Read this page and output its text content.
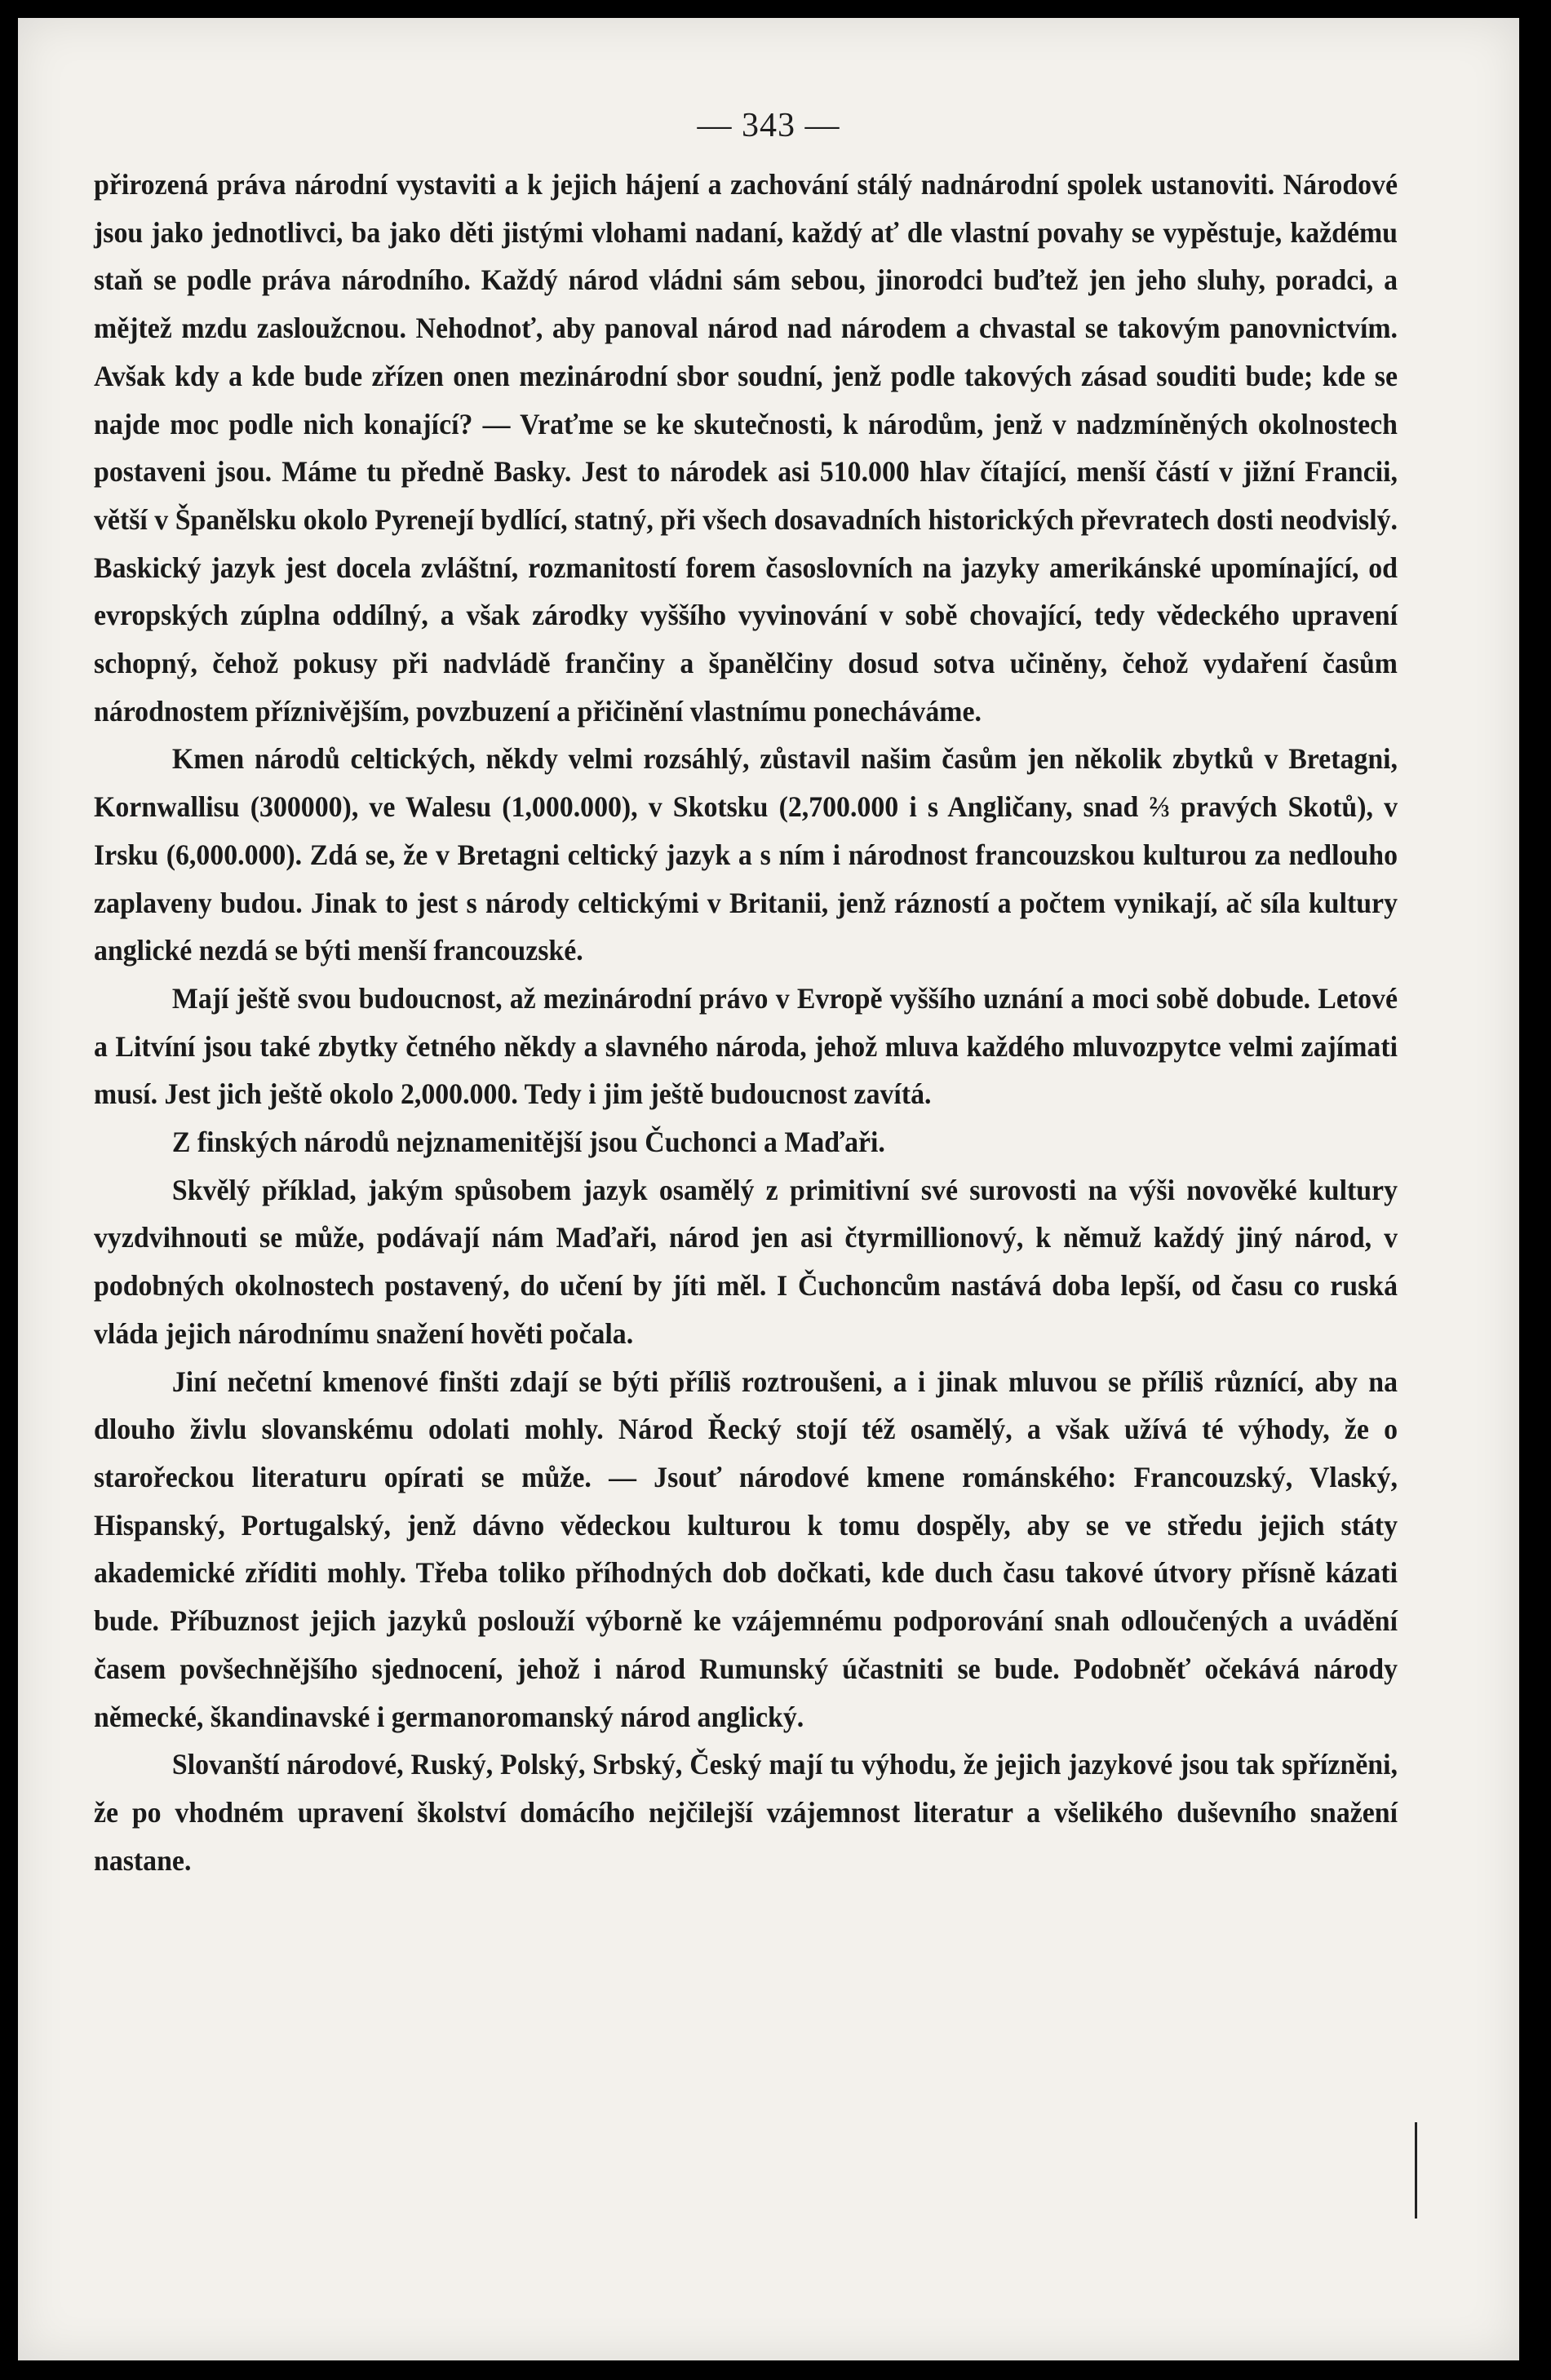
— 343 —

přirozená práva národní vystaviti a k jejich hájení a zachování stálý nadnárodní spolek ustanoviti. Národové jsou jako jednotlivci, ba jako děti jistými vlohami nadaní, každý ať dle vlastní povahy se vypěstuje, každému staň se podle práva národního. Každý národ vládni sám sebou, jinorodci buďtež jen jeho sluhy, poradci, a mějtež mzdu zasloužcnou. Nehodnoť, aby panoval národ nad národem a chvastal se takovým panovnictvím. Avšak kdy a kde bude zřízen onen mezinárodní sbor soudní, jenž podle takových zásad souditi bude; kde se najde moc podle nich konající? — Vraťme se ke skutečnosti, k národům, jenž v nadzmíněných okolnostech postaveni jsou. Máme tu předně Basky. Jest to národek asi 510.000 hlav čítající, menší částí v jižní Francii, větší v Španělsku okolo Pyrenejí bydlící, statný, při všech dosavadních historických převratech dosti neodvislý. Baskický jazyk jest docela zvláštní, rozmanitostí forem časoslovních na jazyky amerikánské upomínající, od evropských zúplna oddílný, a však zárodky vyššího vyvinování v sobě chovající, tedy vědeckého upravení schopný, čehož pokusy při nadvládě frančiny a španělčiny dosud sotva učiněny, čehož vydaření časům národnostem příznivějším, povzbuzení a přičinění vlastnímu ponecháváme.

Kmen národů celtických, někdy velmi rozsáhlý, zůstavil našim časům jen několik zbytků v Bretagni, Kornwallisu (300000), ve Walesu (1,000.000), v Skotsku (2,700.000 i s Angličany, snad ⅔ pravých Skotů), v Irsku (6,000.000). Zdá se, že v Bretagni celtický jazyk a s ním i národnost francouzskou kulturou za nedlouho zaplaveny budou. Jinak to jest s národy celtickými v Britanii, jenž rázností a počtem vynikají, ač síla kultury anglické nezdá se býti menší francouzské.

Mají ještě svou budoucnost, až mezinárodní právo v Evropě vyššího uznání a moci sobě dobude. Letové a Litvíní jsou také zbytky četného někdy a slavného národa, jehož mluva každého mluvozpytce velmi zajímati musí. Jest jich ještě okolo 2,000.000. Tedy i jim ještě budoucnost zavítá.

Z finských národů nejznamenitější jsou Čuchonci a Maďaři.

Skvělý příklad, jakým spůsobem jazyk osamělý z primitivní své surovosti na výši novověké kultury vyzdvihnouti se může, podávají nám Maďaři, národ jen asi čtyrmillionový, k němuž každý jiný národ, v podobných okolnostech postavený, do učení by jíti měl. I Čuchoncům nastává doba lepší, od času co ruská vláda jejich národnímu snažení hověti počala.

Jiní nečetní kmenové finšti zdají se býti příliš roztroušeni, a i jinak mluvou se příliš různící, aby na dlouho živlu slovanskému odolati mohly. Národ Řecký stojí též osamělý, a však užívá té výhody, že o starořeckou literaturu opírati se může. — Jsouť národové kmene románského: Francouzský, Vlaský, Hispanský, Portugalský, jenž dávno vědeckou kulturou k tomu dospěly, aby se ve středu jejich státy akademické zříditi mohly. Třeba toliko příhodných dob dočkati, kde duch času takové útvory přísně kázati bude. Příbuznost jejich jazyků poslouží výborně ke vzájemnému podporování snah odloučených a uvádění časem povšechnějšího sjednocení, jehož i národ Rumunský účastniti se bude. Podobněť očekává národy německé, škandinavské i germanoromanský národ anglický.

Slovanští národové, Ruský, Polský, Srbský, Český mají tu výhodu, že jejich jazykové jsou tak spřízněni, že po vhodném upravení školství domácího nejčilejší vzájemnost literatur a všelikého duševního snažení nastane.
